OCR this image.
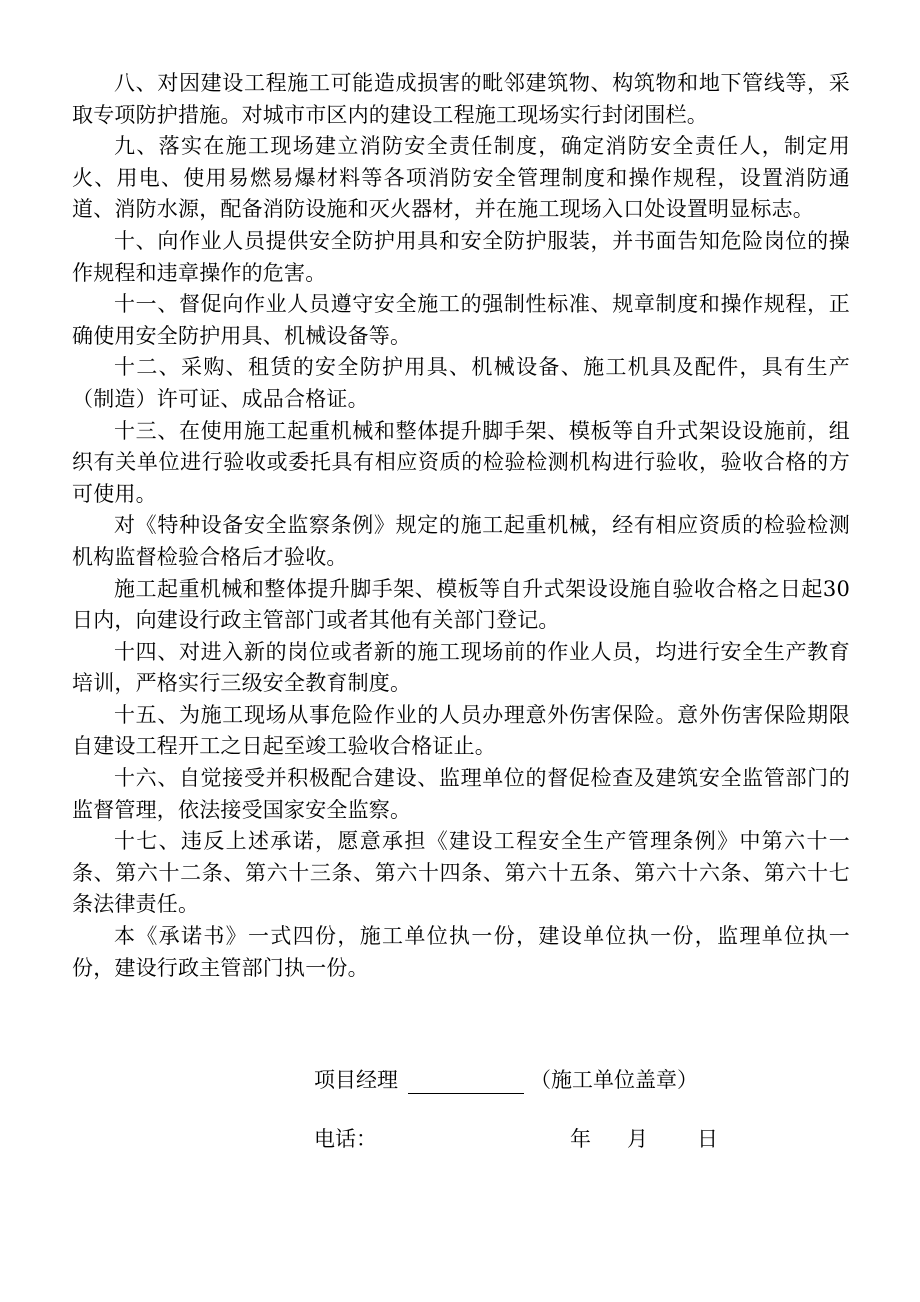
八、对因建设工程施工可能造成损害的毗邻建筑物、构筑物和地下管线等，采取专项防护措施。对城市市区内的建设工程施工现场实行封闭围栏。

九、落实在施工现场建立消防安全责任制度，确定消防安全责任人，制定用火、用电、使用易燃易爆材料等各项消防安全管理制度和操作规程，设置消防通道、消防水源，配备消防设施和灭火器材，并在施工现场入口处设置明显标志。

十、向作业人员提供安全防护用具和安全防护服装，并书面告知危险岗位的操作规程和违章操作的危害。

十一、督促向作业人员遵守安全施工的强制性标准、规章制度和操作规程，正确使用安全防护用具、机械设备等。

十二、采购、租赁的安全防护用具、机械设备、施工机具及配件，具有生产（制造）许可证、成品合格证。

十三、在使用施工起重机械和整体提升脚手架、模板等自升式架设设施前，组织有关单位进行验收或委托具有相应资质的检验检测机构进行验收，验收合格的方可使用。

对《特种设备安全监察条例》规定的施工起重机械，经有相应资质的检验检测机构监督检验合格后才验收。

施工起重机械和整体提升脚手架、模板等自升式架设设施自验收合格之日起30日内，向建设行政主管部门或者其他有关部门登记。

十四、对进入新的岗位或者新的施工现场前的作业人员，均进行安全生产教育培训，严格实行三级安全教育制度。

十五、为施工现场从事危险作业的人员办理意外伤害保险。意外伤害保险期限自建设工程开工之日起至竣工验收合格证止。

十六、自觉接受并积极配合建设、监理单位的督促检查及建筑安全监管部门的监督管理，依法接受国家安全监察。

十七、违反上述承诺，愿意承担《建设工程安全生产管理条例》中第六十一条、第六十二条、第六十三条、第六十四条、第六十五条、第六十六条、第六十七条法律责任。

本《承诺书》一式四份，施工单位执一份，建设单位执一份，监理单位执一份，建设行政主管部门执一份。

项目经理	（施工单位盖章）
电话：	年 月 日
